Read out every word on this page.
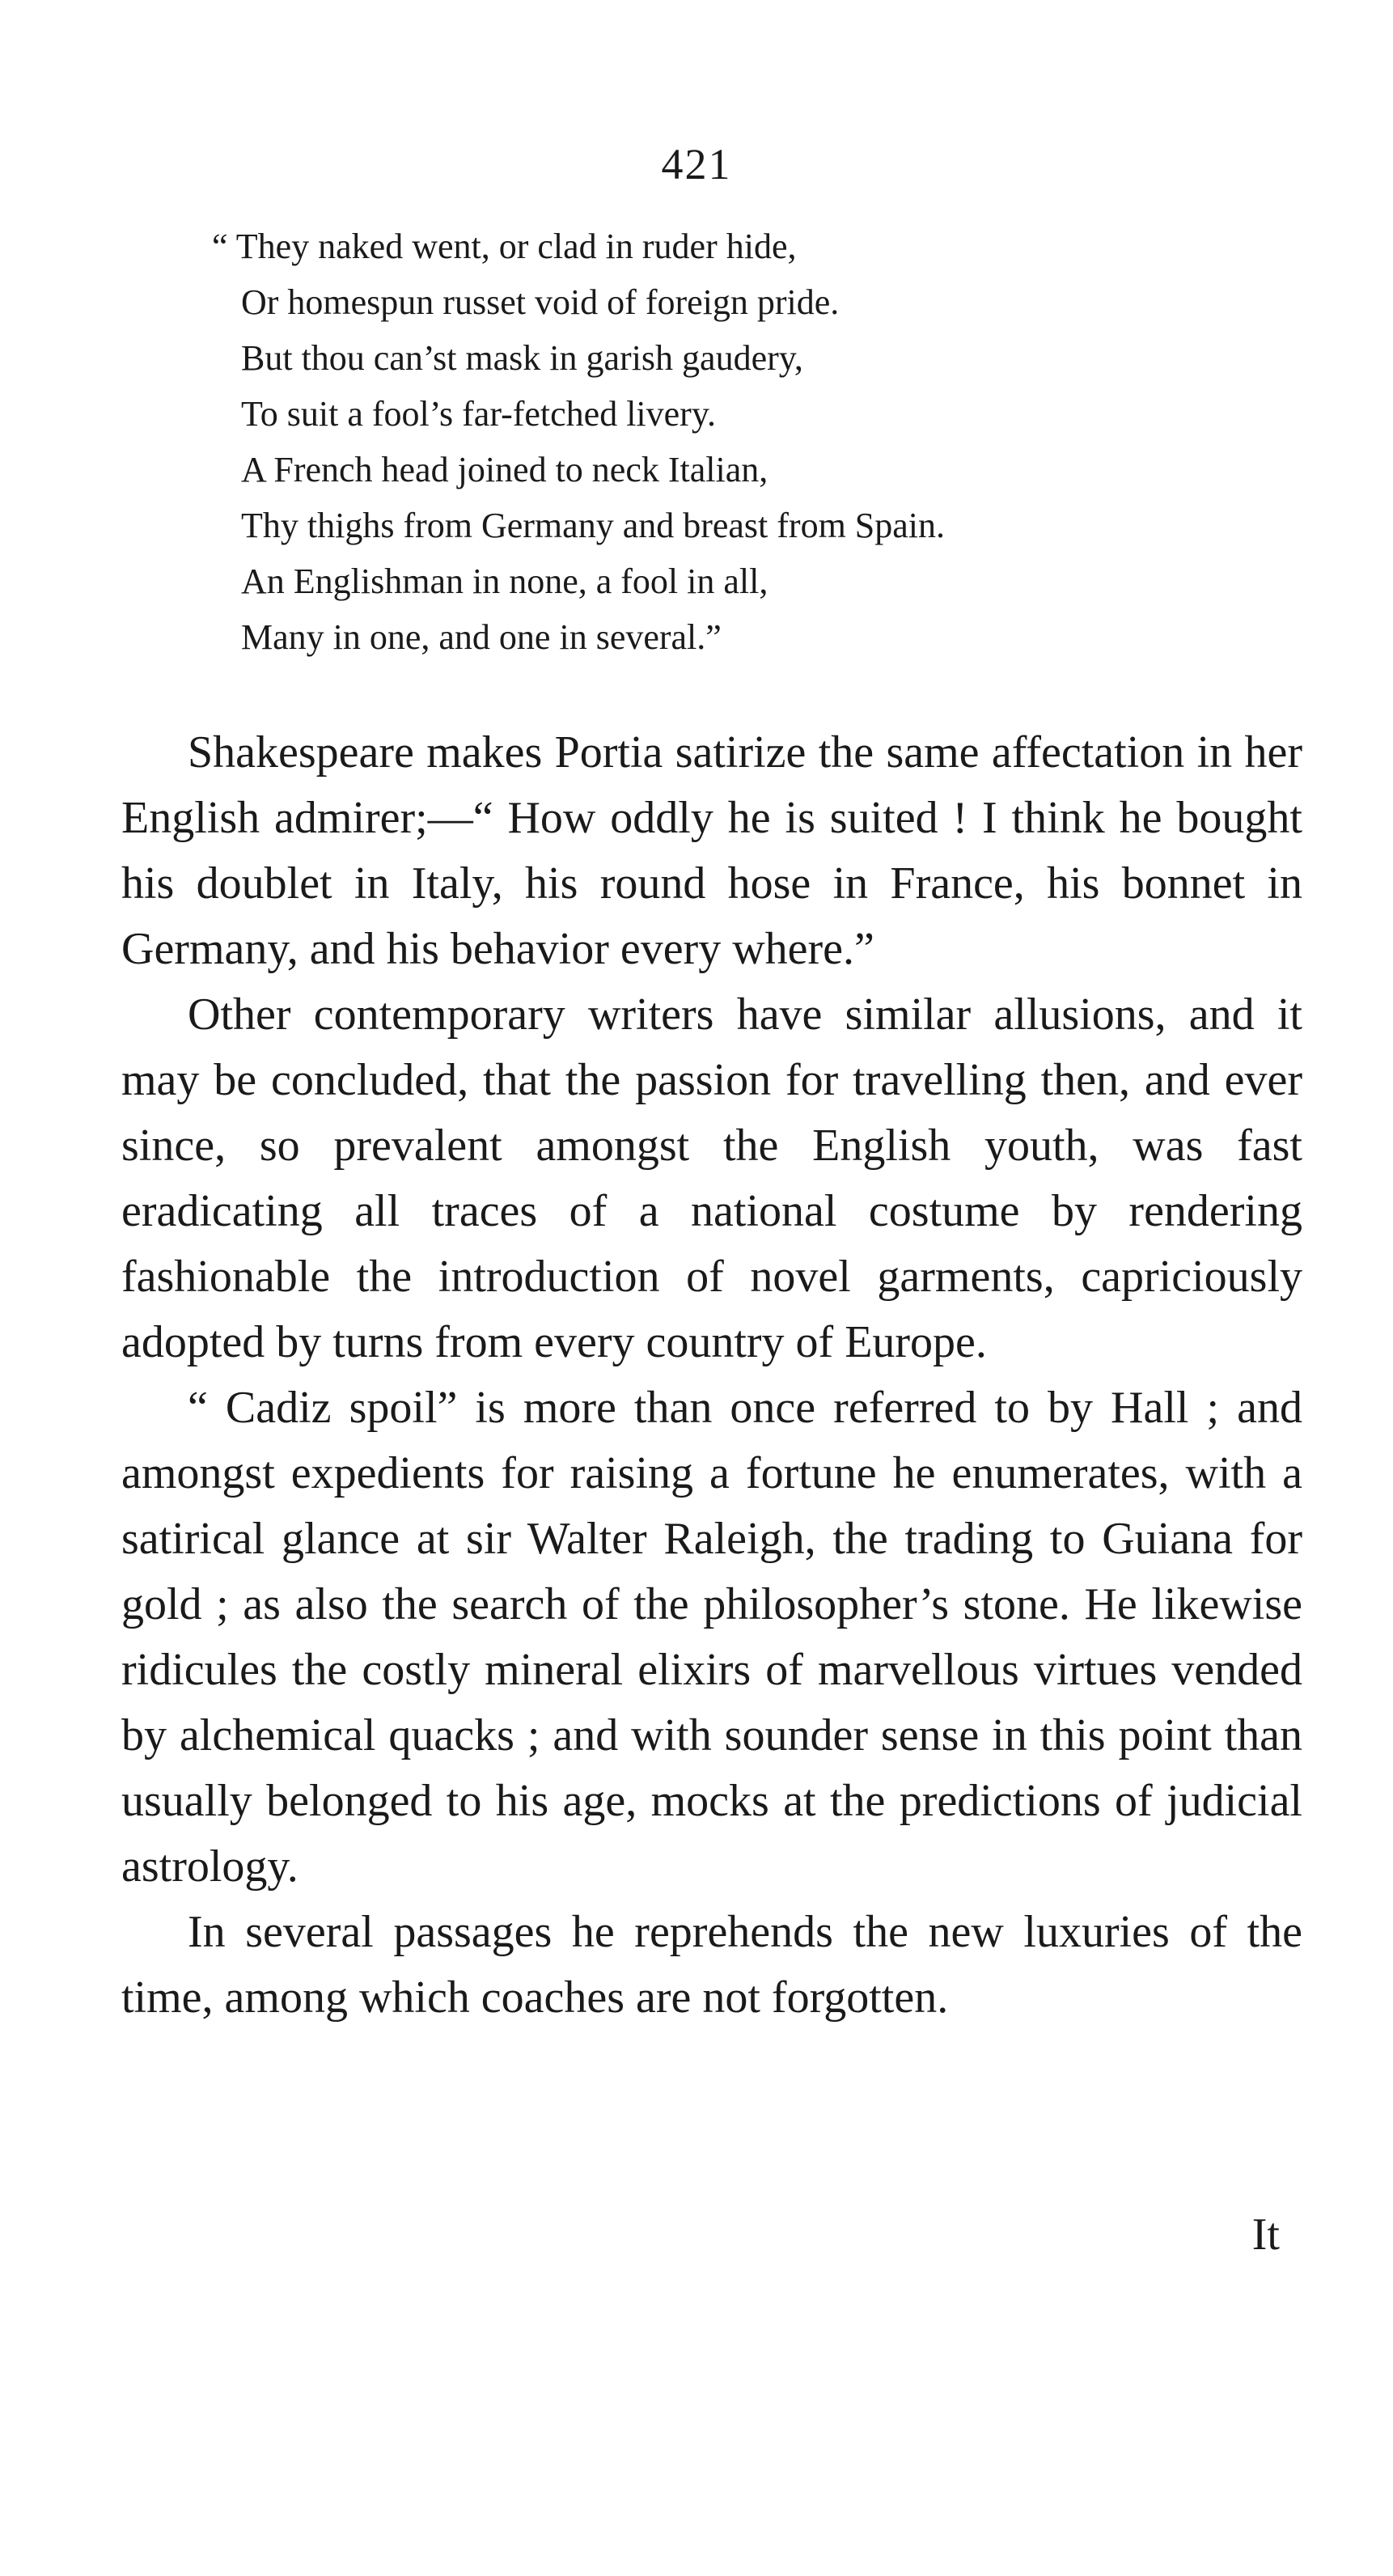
421
“ They naked went, or clad in ruder hide,
Or homespun russet void of foreign pride.
But thou can’st mask in garish gaudery,
To suit a fool’s far-fetched livery.
A French head joined to neck Italian,
Thy thighs from Germany and breast from Spain.
An Englishman in none, a fool in all,
Many in one, and one in several.”

Shakespeare makes Portia satirize the same affectation in her English admirer;—“ How oddly he is suited ! I think he bought his doublet in Italy, his round hose in France, his bonnet in Germany, and his behavior every where.”

Other contemporary writers have similar allusions, and it may be concluded, that the passion for travelling then, and ever since, so prevalent amongst the English youth, was fast eradicating all traces of a national costume by rendering fashionable the introduction of novel garments, capriciously adopted by turns from every country of Europe.

“ Cadiz spoil” is more than once referred to by Hall ; and amongst expedients for raising a fortune he enumerates, with a satirical glance at sir Walter Raleigh, the trading to Guiana for gold ; as also the search of the philosopher’s stone. He likewise ridicules the costly mineral elixirs of marvellous virtues vended by alchemical quacks ; and with sounder sense in this point than usually belonged to his age, mocks at the predictions of judicial astrology.

In several passages he reprehends the new luxuries of the time, among which coaches are not forgotten.

It
